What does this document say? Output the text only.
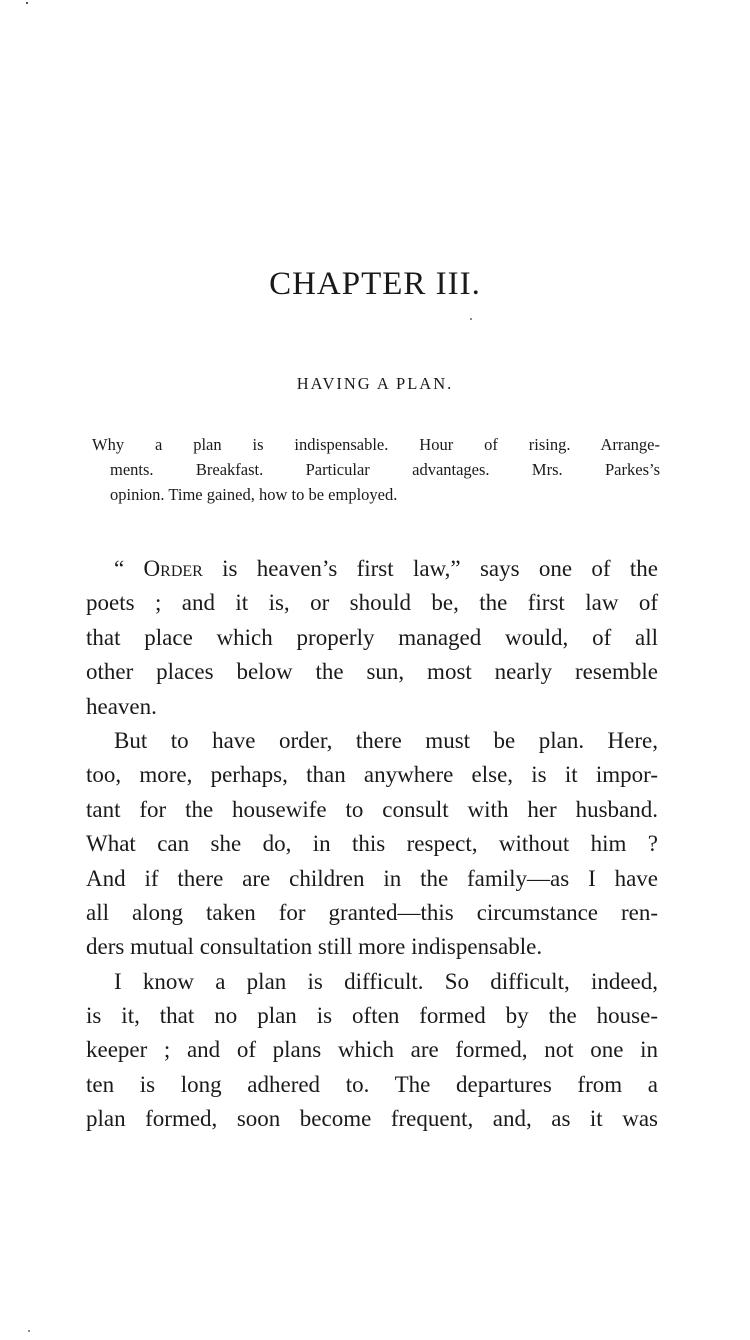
CHAPTER III.
HAVING A PLAN.
Why a plan is indispensable. Hour of rising. Arrange-
ments. Breakfast. Particular advantages. Mrs. Parkes’s
opinion. Time gained, how to be employed.
“ Order is heaven’s first law,” says one of the
poets ; and it is, or should be, the first law of
that place which properly managed would, of all
other places below the sun, most nearly resemble
heaven.
But to have order, there must be plan. Here,
too, more, perhaps, than anywhere else, is it impor-
tant for the housewife to consult with her husband.
What can she do, in this respect, without him ?
And if there are children in the family—as I have
all along taken for granted—this circumstance ren-
ders mutual consultation still more indispensable.
I know a plan is difficult. So difficult, indeed,
is it, that no plan is often formed by the house-
keeper ; and of plans which are formed, not one in
ten is long adhered to. The departures from a
plan formed, soon become frequent, and, as it was
